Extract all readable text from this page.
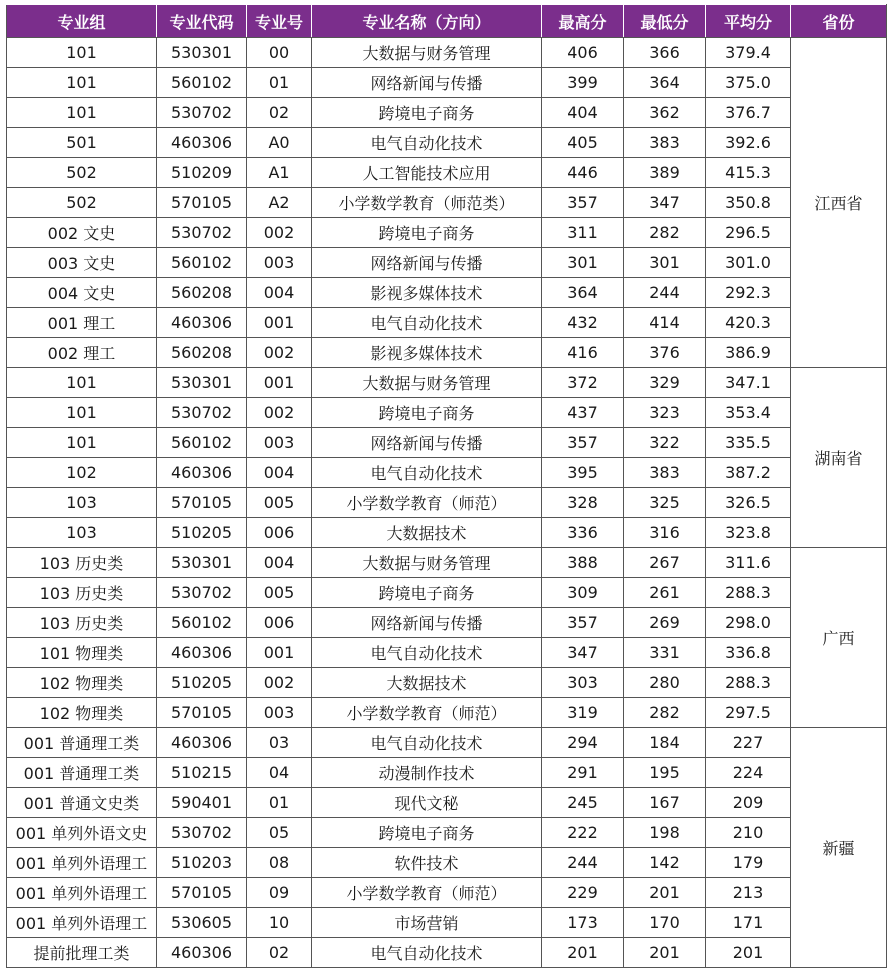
专业组	专业代码	专业号	专业名称（方向）	最高分	最低分	平均分	省份
101	530301	00	大数据与财务管理	406	366	379.4	江西省
101	560102	01	网络新闻与传播	399	364	375.0	
101	530702	02	跨境电子商务	404	362	376.7	
501	460306	A0	电气自动化技术	405	383	392.6	
502	510209	A1	人工智能技术应用	446	389	415.3	
502	570105	A2	小学数学教育（师范类）	357	347	350.8	
002 文史	530702	002	跨境电子商务	311	282	296.5	
003 文史	560102	003	网络新闻与传播	301	301	301.0	
004 文史	560208	004	影视多媒体技术	364	244	292.3	
001 理工	460306	001	电气自动化技术	432	414	420.3	
002 理工	560208	002	影视多媒体技术	416	376	386.9	
101	530301	001	大数据与财务管理	372	329	347.1	湖南省
101	530702	002	跨境电子商务	437	323	353.4	
101	560102	003	网络新闻与传播	357	322	335.5	
102	460306	004	电气自动化技术	395	383	387.2	
103	570105	005	小学数学教育（师范）	328	325	326.5	
103	510205	006	大数据技术	336	316	323.8	
103 历史类	530301	004	大数据与财务管理	388	267	311.6	广西
103 历史类	530702	005	跨境电子商务	309	261	288.3	
103 历史类	560102	006	网络新闻与传播	357	269	298.0	
101 物理类	460306	001	电气自动化技术	347	331	336.8	
102 物理类	510205	002	大数据技术	303	280	288.3	
102 物理类	570105	003	小学数学教育（师范）	319	282	297.5	
001 普通理工类	460306	03	电气自动化技术	294	184	227	新疆
001 普通理工类	510215	04	动漫制作技术	291	195	224	
001 普通文史类	590401	01	现代文秘	245	167	209	
001 单列外语文史	530702	05	跨境电子商务	222	198	210	
001 单列外语理工	510203	08	软件技术	244	142	179	
001 单列外语理工	570105	09	小学数学教育（师范）	229	201	213	
001 单列外语理工	530605	10	市场营销	173	170	171	
提前批理工类	460306	02	电气自动化技术	201	201	201	
